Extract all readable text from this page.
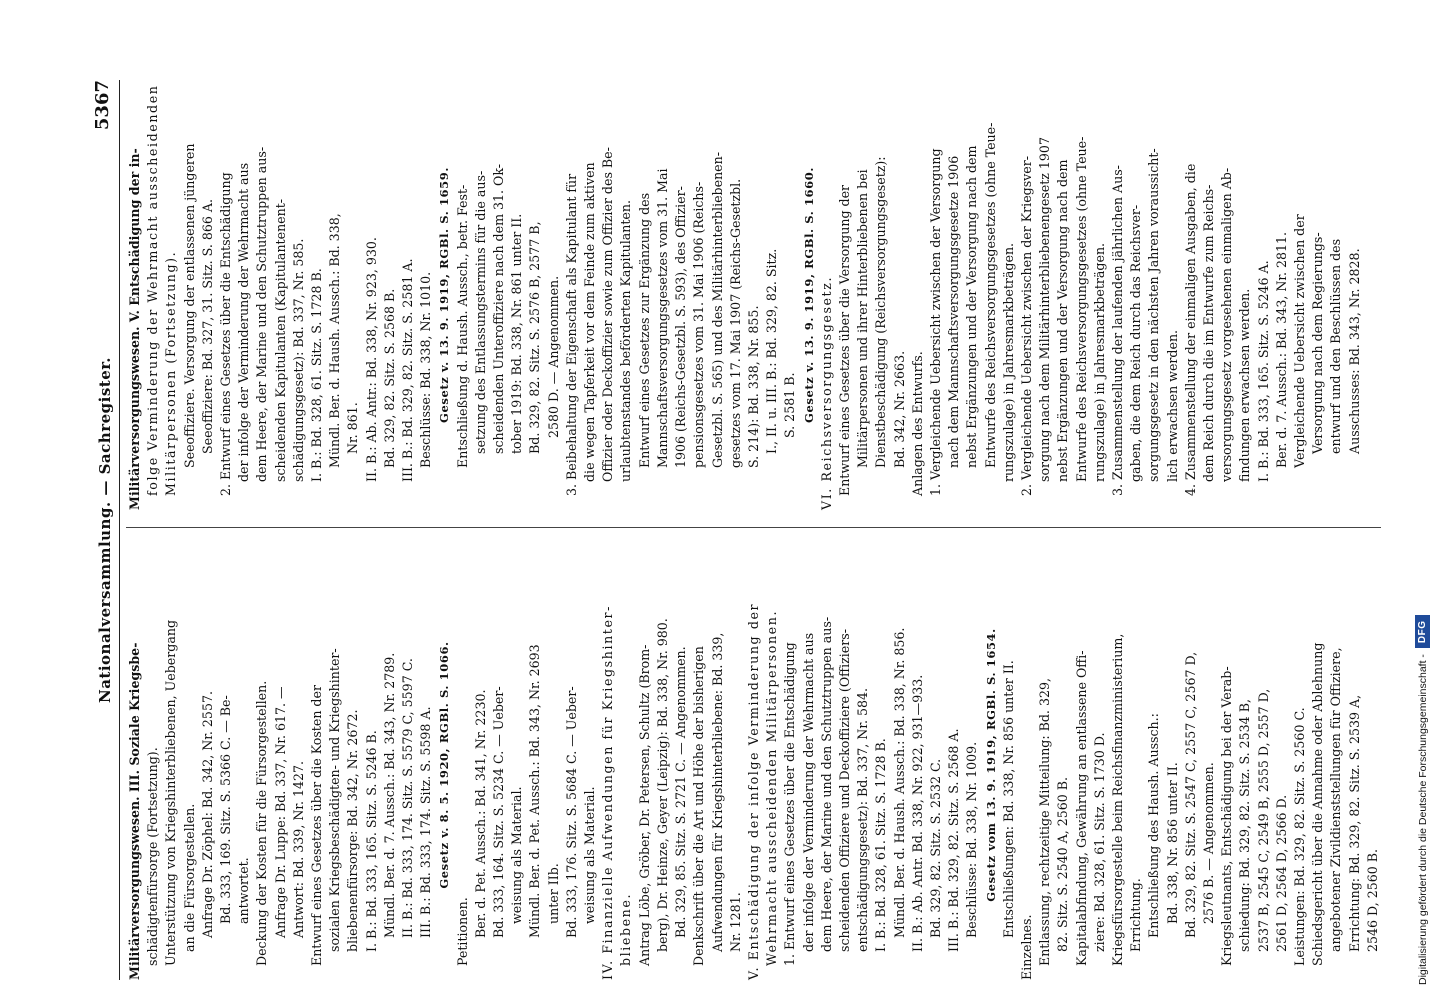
Nationalversammlung. — Sachregister.
5367

Militärversorgungswesen. III. Soziale Kriegsbe- schädigtenfürsorge (Fortsetzung). Unterstützung von Kriegshinterbliebenen, Uebergang an die Fürsorgestellen. Anfrage Dr. Zöphel: Bd. 342, Nr. 2557. Bd. 333, 169. Sitz. S. 5366 C. — Be- antwortet. Deckung der Kosten für die Fürsorgestellen. Anfrage Dr. Luppe: Bd. 337, Nr. 617. — Antwort: Bd. 339, Nr. 1427. Entwurf eines Gesetzes über die Kosten der sozialen Kriegsbeschädigten- und Kriegshinter- bliebenenfürsorge: Bd. 342, Nr. 2672. I. B.: Bd. 333, 165. Sitz. S. 5246 B. Mündl. Ber. d. 7. Aussch.: Bd. 343, Nr. 2789. II. B.: Bd. 333, 174. Sitz. S. 5579 C, 5597 C. III. B.: Bd. 333, 174. Sitz. S. 5598 A. Gesetz v. 8. 5. 1920, RGBl. S. 1066.

Petitionen. Ber. d. Pet. Aussch.: Bd. 341, Nr. 2230. Bd. 333, 164. Sitz. S. 5234 C. — Ueber- weisung als Material. Mündl. Ber. d. Pet. Aussch.: Bd. 343, Nr. 2693 unter IIb. Bd. 333, 176. Sitz. S. 5684 C. — Ueber- weisung als Material. IV. Finanzielle Aufwendungen für Kriegshinter- bliebene. Antrag Löbe, Gröber, Dr. Petersen, Schultz (Brom- berg), Dr. Heinze, Geyer (Leipzig): Bd. 338, Nr. 980. Bd. 329, 85. Sitz. S. 2721 C. — Angenommen. Denkschrift über die Art und Höhe der bisherigen Aufwendungen für Kriegshinterbliebene: Bd. 339, Nr. 1281. V. Entschädigung der infolge Verminderung der Wehrmacht ausscheidenden Militärpersonen. 1. Entwurf eines Gesetzes über die Entschädigung der infolge der Verminderung der Wehrmacht aus dem Heere, der Marine und den Schutztruppen aus- scheidenden Offiziere und Deckoffiziere (Offiziers- entschädigungsgesetz): Bd. 337, Nr. 584. I. B.: Bd. 328, 61. Sitz. S. 1728 B. Mündl. Ber. d. Haush. Aussch.: Bd. 338, Nr. 856. II. B.: Ab. Antr. Bd. 338, Nr. 922, 931—933. Bd. 329, 82. Sitz. S. 2532 C. III. B.: Bd. 329, 82. Sitz. S. 2568 A. Beschlüsse: Bd. 338, Nr. 1009. Gesetz vom 13. 9. 1919, RGBl. S. 1654. Entschließungen: Bd. 338, Nr. 856 unter II.

Einzelnes. Entlassung, rechtzeitige Mitteilung: Bd. 329, 82. Sitz. S. 2540 A, 2560 B. Kapitalabfindung, Gewährung an entlassene Offi- ziere: Bd. 328, 61. Sitz. S. 1730 D. Kriegsfürsorgestelle beim Reichsfinanzministerium, Errichtung. Entschließung des Haush. Aussch.: Bd. 338, Nr. 856 unter II. Bd. 329, 82. Sitz. S. 2547 C, 2557 C, 2567 D, 2576 B. — Angenommen. Kriegsleutnants, Entschädigung bei der Verab- schiedung: Bd. 329, 82. Sitz. S. 2534 B, 2537 B, 2545 C, 2549 B, 2555 D, 2557 D, 2561 D, 2564 D, 2566 D. Leistungen: Bd. 329, 82. Sitz. S. 2560 C. Schiedsgericht über die Annahme oder Ablehnung angebotener Zivildienststellungen für Offiziere, Errichtung: Bd. 329, 82. Sitz. S. 2539 A, 2546 D, 2560 B.

Militärversorgungswesen. V. Entschädigung der in- folge Verminderung der Wehrmacht ausscheidenden Militärpersonen (Fortsetzung). Seeoffiziere. Versorgung der entlassenen jüngeren Seeoffiziere: Bd. 327, 31. Sitz. S. 866 A. 2. Entwurf eines Gesetzes über die Entschädigung der infolge der Verminderung der Wehrmacht aus dem Heere, der Marine und den Schutztruppen aus- scheidenden Kapitulanten (Kapitulantenent- schädigungsgesetz): Bd. 337, Nr. 585. I. B.: Bd. 328, 61. Sitz. S. 1728 B. Mündl. Ber. d. Haush. Aussch.: Bd. 338, Nr. 861. II. B.: Ab. Antr.: Bd. 338, Nr. 923, 930. Bd. 329, 82. Sitz. S. 2568 B. III. B.: Bd. 329, 82. Sitz. S. 2581 A. Beschlüsse: Bd. 338, Nr. 1010. Gesetz v. 13. 9. 1919, RGBl. S. 1659. Entschließung d. Haush. Aussch., betr. Fest- setzung des Entlassungstermins für die aus- scheidenden Unteroffiziere nach dem 31. Ok- tober 1919: Bd. 338, Nr. 861 unter II. Bd. 329, 82. Sitz. S. 2576 B, 2577 B, 2580 D. — Angenommen. 3. Beibehaltung der Eigenschaft als Kapitulant für die wegen Tapferkeit vor dem Feinde zum aktiven Offizier oder Deckoffizier sowie zum Offizier des Be- urlaubtenstandes beförderten Kapitulanten. Entwurf eines Gesetzes zur Ergänzung des Mannschaftsversorgungsgesetzes vom 31. Mai 1906 (Reichs-Gesetzbl. S. 593), des Offizier- pensionsgesetzes vom 31. Mai 1906 (Reichs- Gesetzbl. S. 565) und des Militärhinterbliebenen- gesetzes vom 17. Mai 1907 (Reichs-Gesetzbl. S. 214): Bd. 338, Nr. 855. I., II. u. III. B.: Bd. 329, 82. Sitz. S. 2581 B. Gesetz v. 13. 9. 1919, RGBl. S. 1660. VI. Reichsversorgungsgesetz. Entwurf eines Gesetzes über die Versorgung der Militärpersonen und ihrer Hinterbliebenen bei Dienstbeschädigung (Reichsversorgungsgesetz): Bd. 342, Nr. 2663. Anlagen des Entwurfs. 1. Vergleichende Uebersicht zwischen der Versorgung nach dem Mannschaftsversorgungsgesetze 1906 nebst Ergänzungen und der Versorgung nach dem Entwurfe des Reichsversorgungsgesetzes (ohne Teue- rungszulage) in Jahresmarkbeträgen. 2. Vergleichende Uebersicht zwischen der Kriegsver- sorgung nach dem Militärhinterbliebenengesetz 1907 nebst Ergänzungen und der Versorgung nach dem Entwurfe des Reichsversorgungsgesetzes (ohne Teue- rungszulage) in Jahresmarkbeträgen. 3. Zusammenstellung der laufenden jährlichen Aus- gaben, die dem Reich durch das Reichsver- sorgungsgesetz in den nächsten Jahren voraussicht- lich erwachsen werden. 4. Zusammenstellung der einmaligen Ausgaben, die dem Reich durch die im Entwurfe zum Reichs- versorgungsgesetz vorgesehenen einmaligen Ab- findungen erwachsen werden. I. B.: Bd. 333, 165. Sitz. S. 5246 A. Ber. d. 7. Aussch.: Bd. 343, Nr. 2811. Vergleichende Uebersicht zwischen der Versorgung nach dem Regierungs- entwurf und den Beschlüssen des Ausschusses: Bd. 343, Nr. 2828.

Digitalisierung gefördert durch die Deutsche Forschungsgemeinschaft -
DFG
